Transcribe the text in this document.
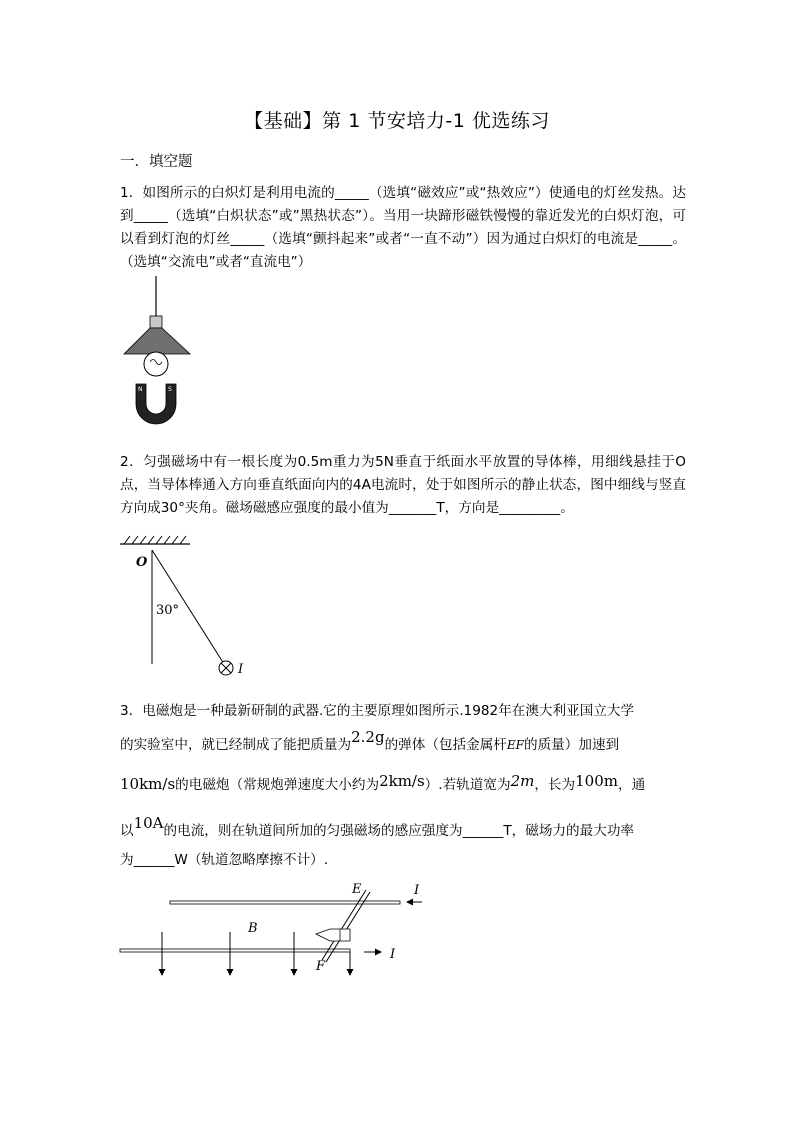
【基础】第 1 节安培力-1 优选练习
一．填空题
1．如图所示的白炽灯是利用电流的_____（选填“磁效应”或“热效应”）使通电的灯丝发热。达到_____（选填“白炽状态”或”黑热状态”）。当用一块蹄形磁铁慢慢的靠近发光的白炽灯泡，可以看到灯泡的灯丝_____（选填“颤抖起来”或者“一直不动”）因为通过白炽灯的电流是_____。（选填“交流电”或者“直流电”）
N	S
2．匀强磁场中有一根长度为0.5m重力为5N垂直于纸面水平放置的导体棒，用细线悬挂于O点，当导体棒通入方向垂直纸面向内的4A电流时，处于如图所示的静止状态，图中细线与竖直方向成30°夹角。磁场磁感应强度的最小值为_______T，方向是_________。
O
30°
I
3．电磁炮是一种最新研制的武器.它的主要原理如图所示.1982年在澳大利亚国立大学
的实验室中，就已经制成了能把质量为2.2g的弹体（包括金属杆EF的质量）加速到
10km/s的电磁炮（常规炮弹速度大小约为2km/s）.若轨道宽为2m，长为100m，通
以10A的电流，则在轨道间所加的匀强磁场的感应强度为______T，磁场力的最大功率
为______W（轨道忽略摩擦不计）.
E
F
B
I
I
